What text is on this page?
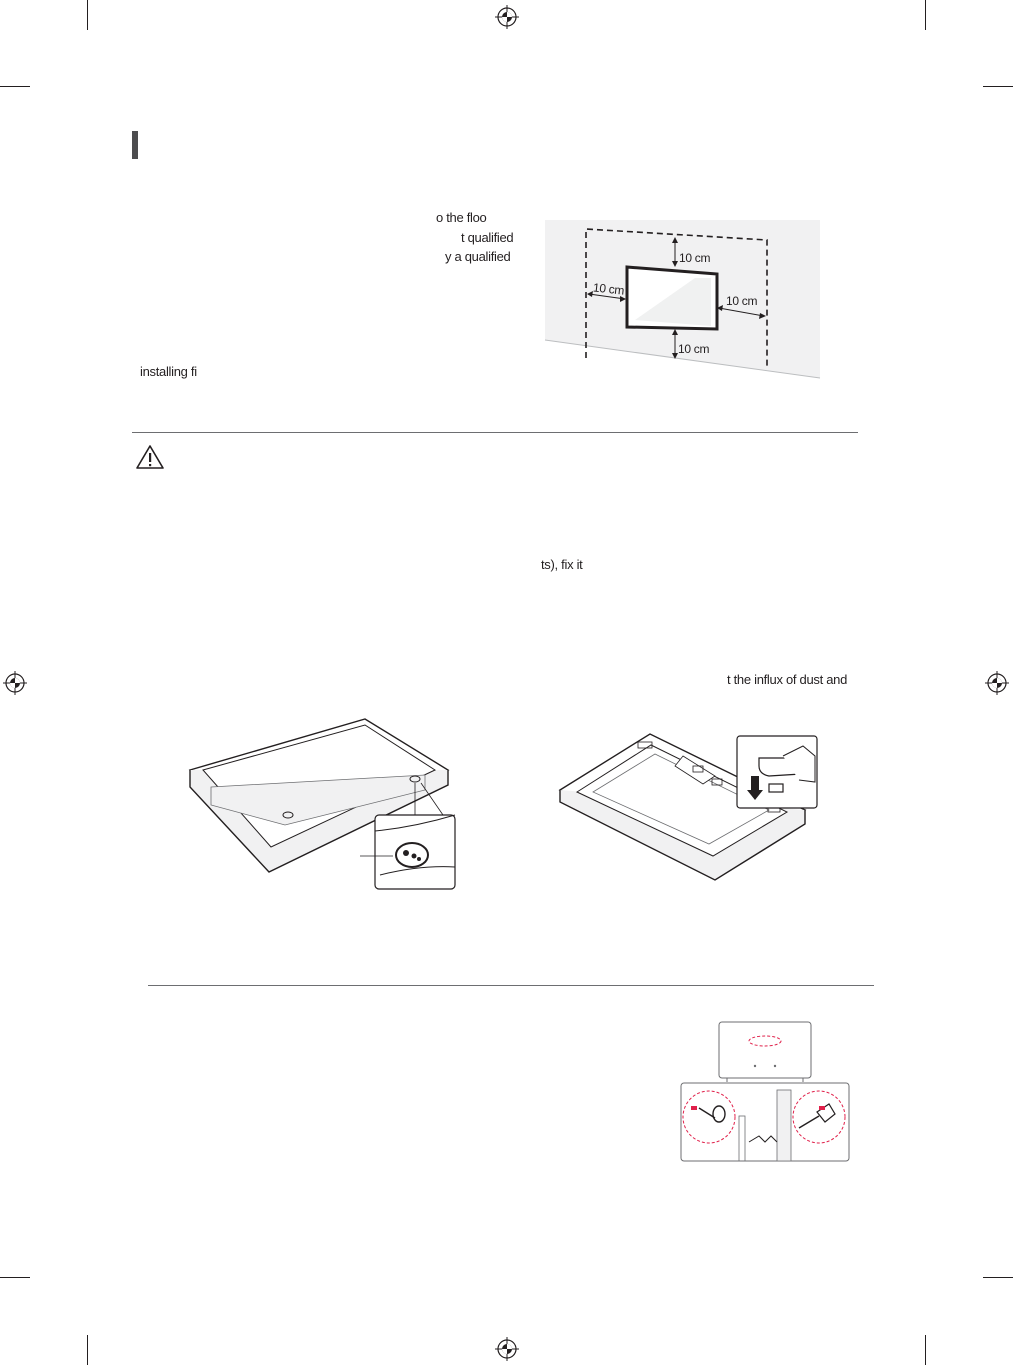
o the floo
t qualified
y a qualified
installing fi
ts), fix it
t the influx of dust and
10 cm
10 cm
10 cm
10 cm
